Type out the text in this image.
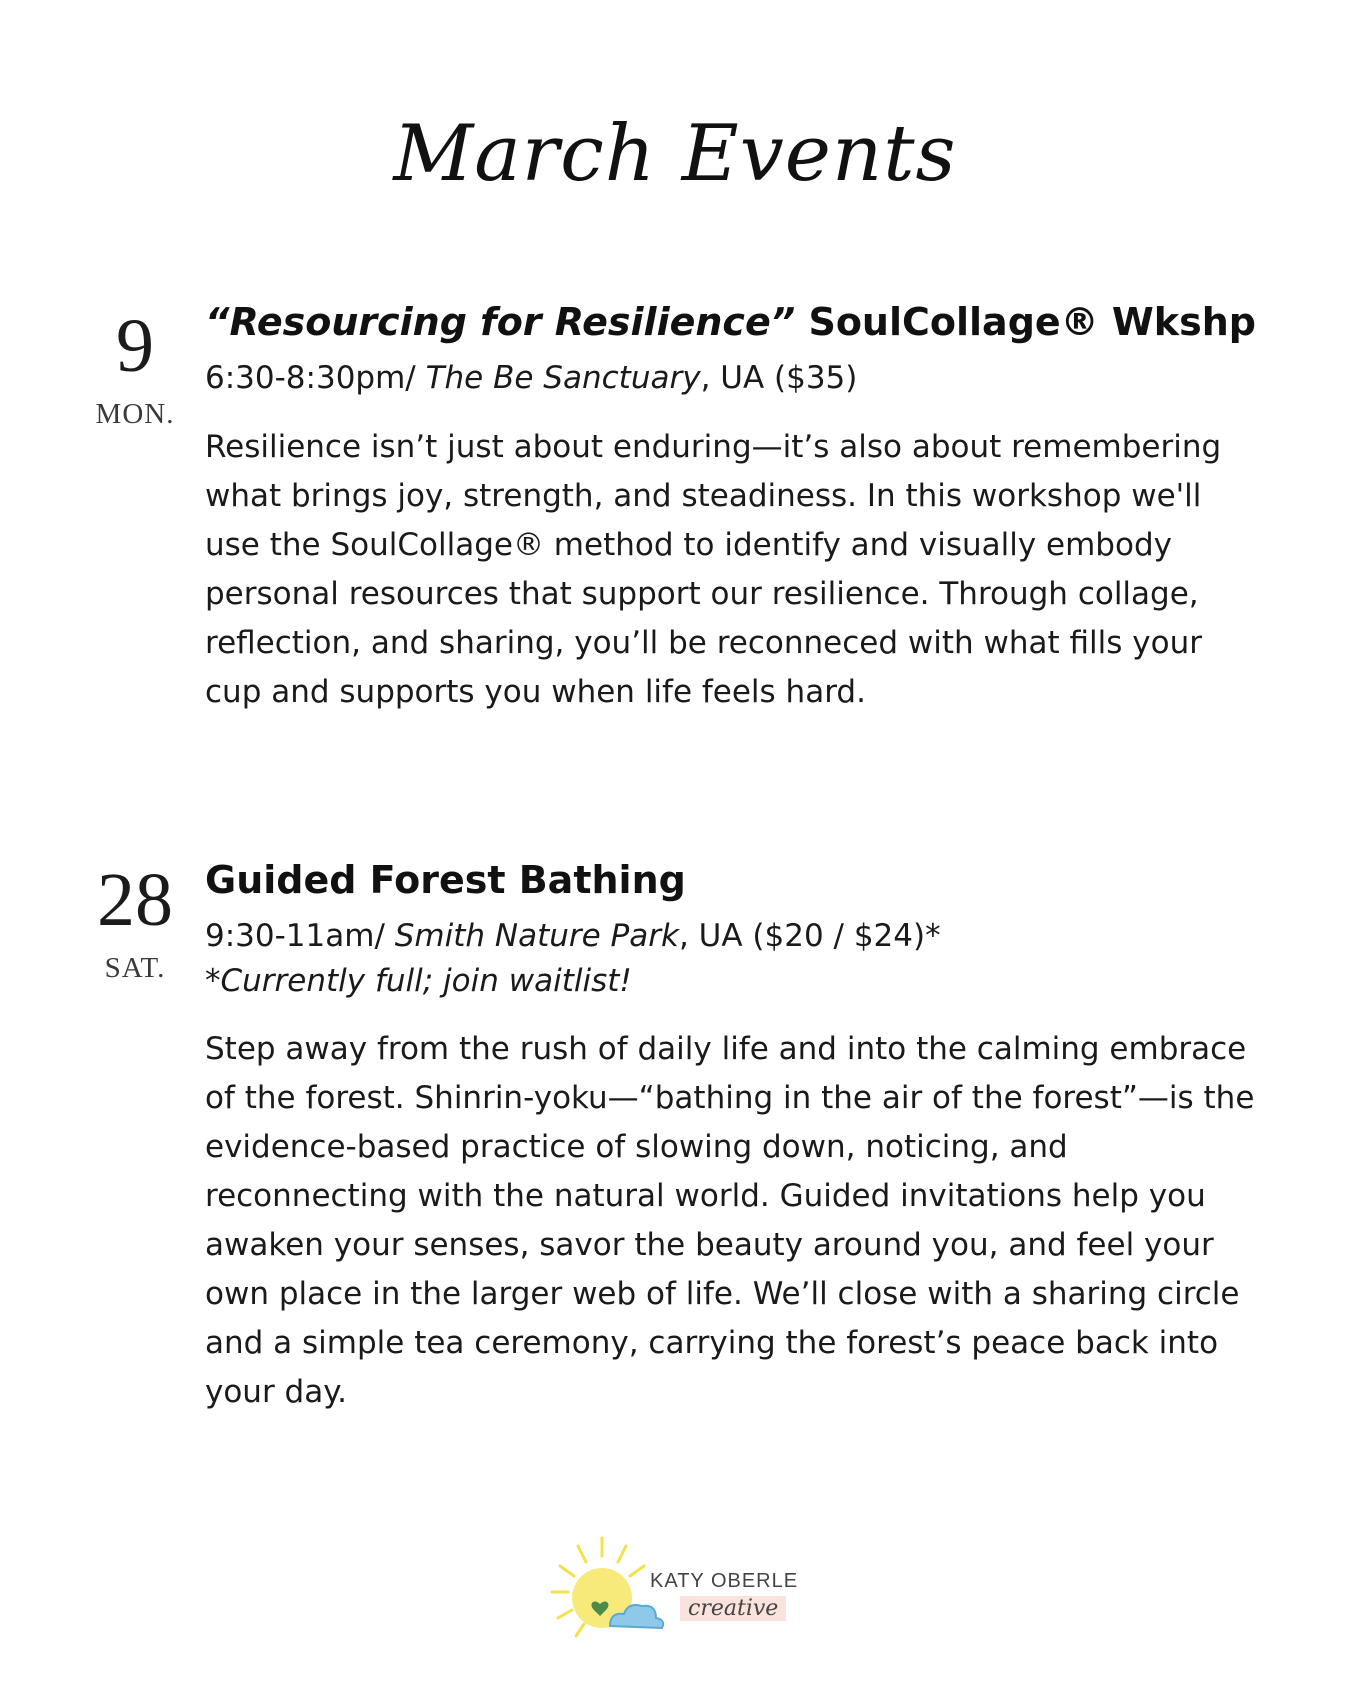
March Events
9
MON.
“Resourcing for Resilience” SoulCollage® Wkshp
6:30-8:30pm/ The Be Sanctuary, UA ($35)
Resilience isn’t just about enduring—it’s also about remembering what brings joy, strength, and steadiness. In this workshop we'll use the SoulCollage® method to identify and visually embody personal resources that support our resilience. Through collage, reflection, and sharing, you’ll be reconneced with what fills your cup and supports you when life feels hard.
28
SAT.
Guided Forest Bathing
9:30-11am/ Smith Nature Park, UA ($20 / $24)*
*Currently full; join waitlist!
Step away from the rush of daily life and into the calming embrace of the forest. Shinrin-yoku—“bathing in the air of the forest”—is the evidence-based practice of slowing down, noticing, and reconnecting with the natural world. Guided invitations help you awaken your senses, savor the beauty around you, and feel your own place in the larger web of life. We’ll close with a sharing circle and a simple tea ceremony, carrying the forest’s peace back into your day.
KATY OBERLE
creative
